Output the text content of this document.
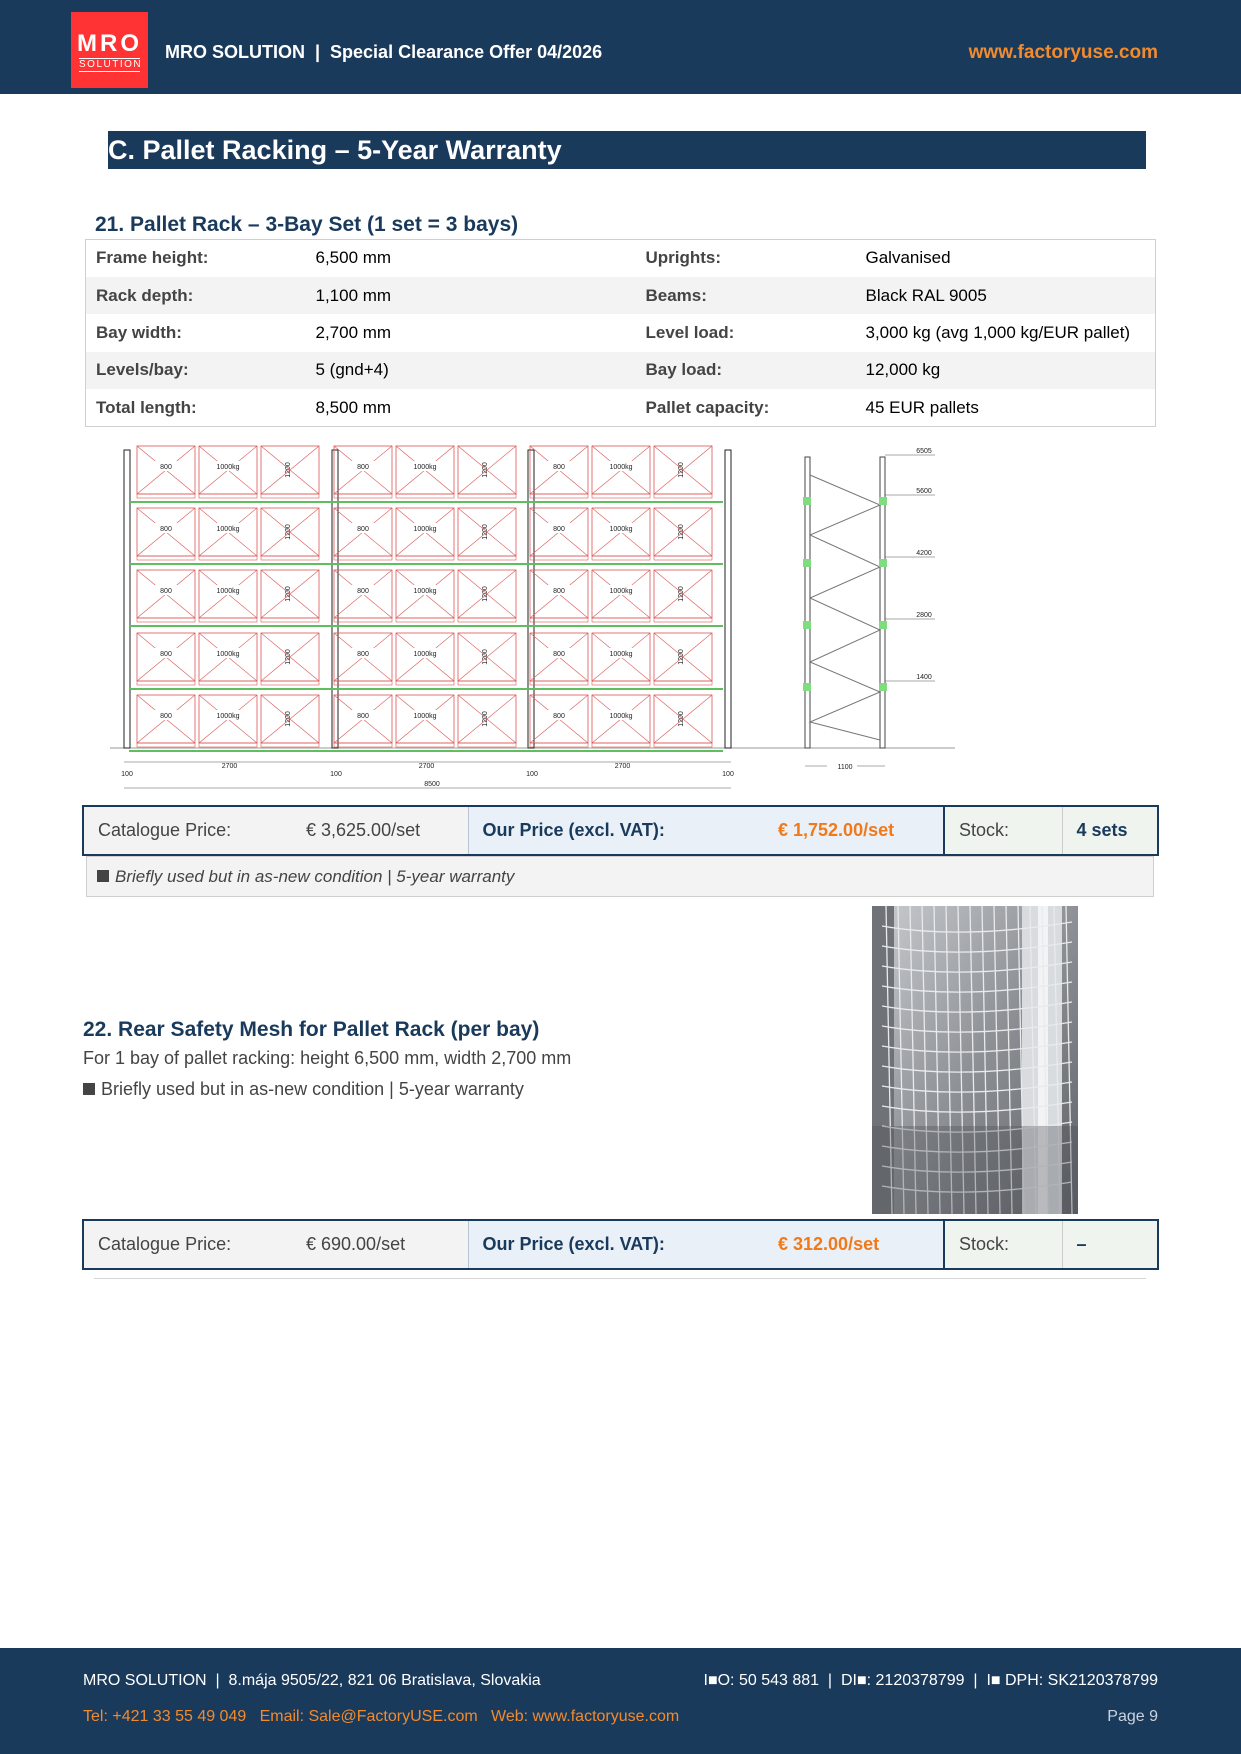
MRO
SOLUTION
MRO SOLUTION  |  Special Clearance Offer 04/2026	www.factoryuse.com
C. Pallet Racking – 5-Year Warranty
21. Pallet Rack – 3-Bay Set (1 set = 3 bays)
Frame height:	6,500 mm	Uprights:	Galvanised
Rack depth:	1,100 mm	Beams:	Black RAL 9005
Bay width:	2,700 mm	Level load:	3,000 kg (avg 1,000 kg/EUR pallet)
Levels/bay:	5 (gnd+4)	Bay load:	12,000 kg
Total length:	8,500 mm	Pallet capacity:	45 EUR pallets
800	1000kg	1200
800	1000kg	1200
800	1000kg	1200
800	1000kg	1200
800	1000kg	1200
2700
800	1000kg	1200
800	1000kg	1200
800	1000kg	1200
800	1000kg	1200
800	1000kg	1200
2700
800	1000kg	1200
800	1000kg	1200
800	1000kg	1200
800	1000kg	1200
800	1000kg	1200
2700
100	100	100	100
8500
6505
5600
4200
2800
1400
1100
Catalogue Price:	€ 3,625.00/set	Our Price (excl. VAT):	€ 1,752.00/set	Stock:	4 sets
Briefly used but in as-new condition | 5-year warranty
22. Rear Safety Mesh for Pallet Rack (per bay)
For 1 bay of pallet racking: height 6,500 mm, width 2,700 mm
Briefly used but in as-new condition | 5-year warranty
Catalogue Price:	€ 690.00/set	Our Price (excl. VAT):	€ 312.00/set	Stock:	–
MRO SOLUTION  |  8.mája 9505/22, 821 06 Bratislava, Slovakia	I■O: 50 543 881  |  DI■: 2120378799  |  I■ DPH: SK2120378799
Tel: +421 33 55 49 049   Email: Sale@FactoryUSE.com   Web: www.factoryuse.com	Page 9
